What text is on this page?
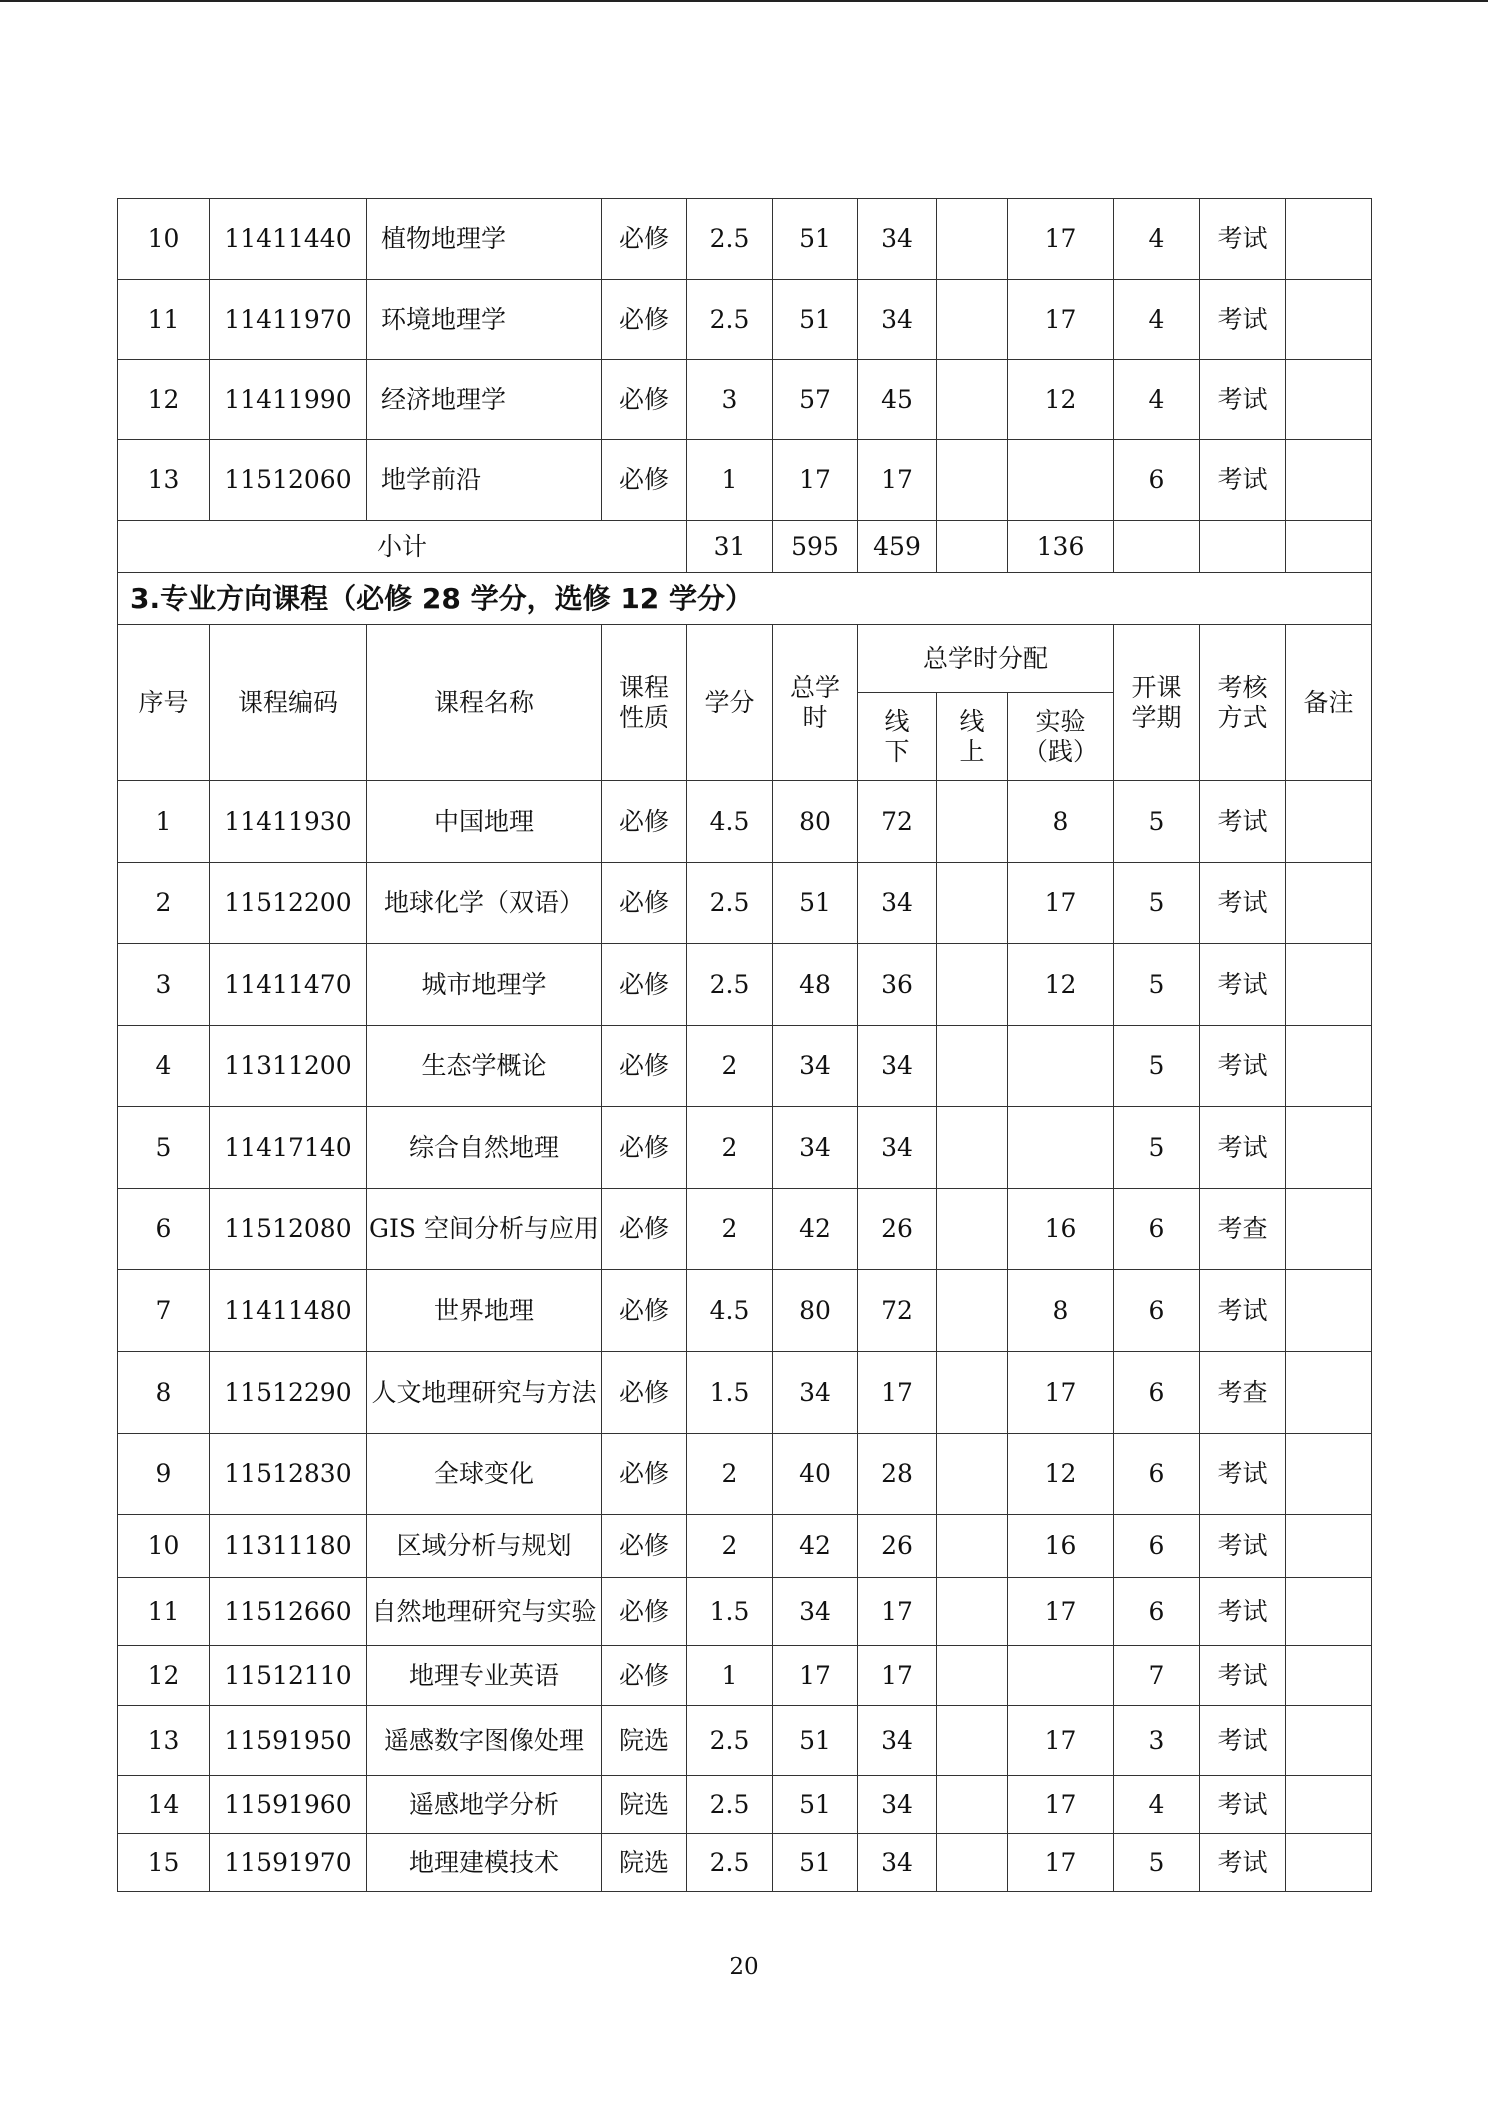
10	11411440	植物地理学	必修	2.5	51	34		17	4	考试	
11	11411970	环境地理学	必修	2.5	51	34		17	4	考试	
12	11411990	经济地理学	必修	3	57	45		12	4	考试	
13	11512060	地学前沿	必修	1	17	17			6	考试	
小计				31	595	459		136			
3.专业方向课程（必修 28 学分，选修 12 学分）											
序号	课程编码	课程名称	课程性质	学分	总学时	总学时分配			开课学期	考核方式	备注
						线下	线上	实验（践）			
1	11411930	中国地理	必修	4.5	80	72		8	5	考试	
2	11512200	地球化学（双语）	必修	2.5	51	34		17	5	考试	
3	11411470	城市地理学	必修	2.5	48	36		12	5	考试	
4	11311200	生态学概论	必修	2	34	34			5	考试	
5	11417140	综合自然地理	必修	2	34	34			5	考试	
6	11512080	GIS 空间分析与应用	必修	2	42	26		16	6	考查	
7	11411480	世界地理	必修	4.5	80	72		8	6	考试	
8	11512290	人文地理研究与方法	必修	1.5	34	17		17	6	考查	
9	11512830	全球变化	必修	2	40	28		12	6	考试	
10	11311180	区域分析与规划	必修	2	42	26		16	6	考试	
11	11512660	自然地理研究与实验	必修	1.5	34	17		17	6	考试	
12	11512110	地理专业英语	必修	1	17	17			7	考试	
13	11591950	遥感数字图像处理	院选	2.5	51	34		17	3	考试	
14	11591960	遥感地学分析	院选	2.5	51	34		17	4	考试	
15	11591970	地理建模技术	院选	2.5	51	34		17	5	考试	
20
